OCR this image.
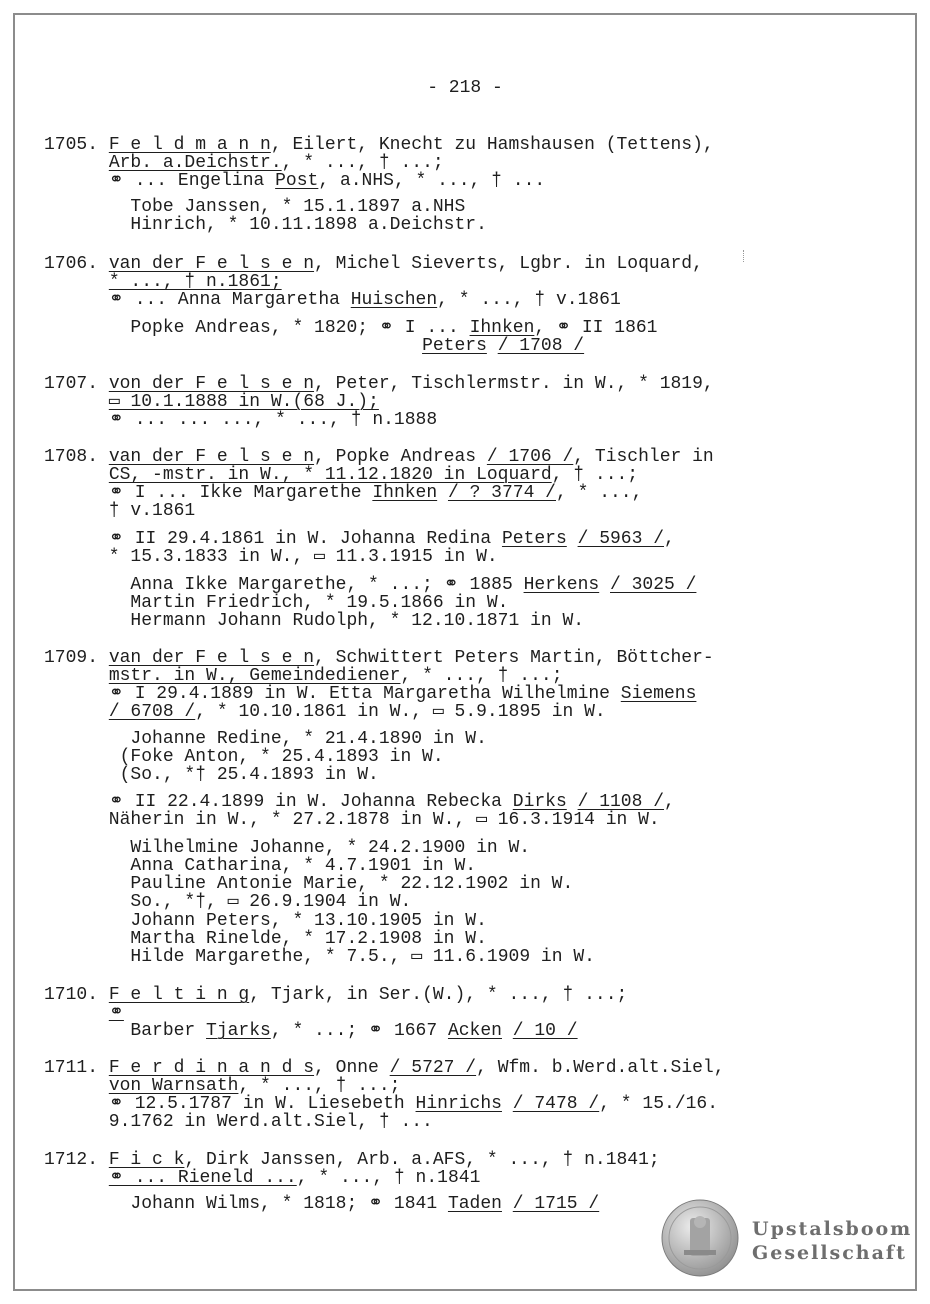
- 218 -
1705. F e l d m a n n, Eilert, Knecht zu Hamshausen (Tettens),
Arb. a.Deichstr., * ..., † ...;
⚭ ... Engelina Post, a.NHS, * ..., † ...
Tobe Janssen, * 15.1.1897 a.NHS
Hinrich, * 10.11.1898 a.Deichstr.
1706. van der F e l s e n, Michel Sieverts, Lgbr. in Loquard,
* ..., † n.1861;
⚭ ... Anna Margaretha Huischen, * ..., † v.1861
Popke Andreas, * 1820; ⚭ I ... Ihnken, ⚭ II 1861
Peters / 1708 /
1707. von der F e l s e n, Peter, Tischlermstr. in W., * 1819,
▭ 10.1.1888 in W.(68 J.);
⚭ ... ... ..., * ..., † n.1888
1708. van der F e l s e n, Popke Andreas / 1706 /, Tischler in
CS, -mstr. in W., * 11.12.1820 in Loquard, † ...;
⚭ I ... Ikke Margarethe Ihnken / ? 3774 /, * ...,
† v.1861
⚭ II 29.4.1861 in W. Johanna Redina Peters / 5963 /,
* 15.3.1833 in W., ▭ 11.3.1915 in W.
Anna Ikke Margarethe, * ...; ⚭ 1885 Herkens / 3025 /
Martin Friedrich, * 19.5.1866 in W.
Hermann Johann Rudolph, * 12.10.1871 in W.
1709. van der F e l s e n, Schwittert Peters Martin, Böttcher-
mstr. in W., Gemeindediener, * ..., † ...;
⚭ I 29.4.1889 in W. Etta Margaretha Wilhelmine Siemens
/ 6708 /, * 10.10.1861 in W., ▭ 5.9.1895 in W.
Johanne Redine, * 21.4.1890 in W.
(Foke Anton, * 25.4.1893 in W.
(So., *† 25.4.1893 in W.
⚭ II 22.4.1899 in W. Johanna Rebecka Dirks / 1108 /,
Näherin in W., * 27.2.1878 in W., ▭ 16.3.1914 in W.
Wilhelmine Johanne, * 24.2.1900 in W.
Anna Catharina, * 4.7.1901 in W.
Pauline Antonie Marie, * 22.12.1902 in W.
So., *†, ▭ 26.9.1904 in W.
Johann Peters, * 13.10.1905 in W.
Martha Rinelde, * 17.2.1908 in W.
Hilde Margarethe, * 7.5., ▭ 11.6.1909 in W.
1710. F e l t i n g, Tjark, in Ser.(W.), * ..., † ...;
⚭
Barber Tjarks, * ...; ⚭ 1667 Acken / 10 /
1711. F e r d i n a n d s, Onne / 5727 /, Wfm. b.Werd.alt.Siel,
von Warnsath, * ..., † ...;
⚭ 12.5.1787 in W. Liesebeth Hinrichs / 7478 /, * 15./16.
9.1762 in Werd.alt.Siel, † ...
1712. F i c k, Dirk Janssen, Arb. a.AFS, * ..., † n.1841;
⚭ ... Rieneld ..., * ..., † n.1841
Johann Wilms, * 1818; ⚭ 1841 Taden / 1715 /
Upstalsboom
Gesellschaft
